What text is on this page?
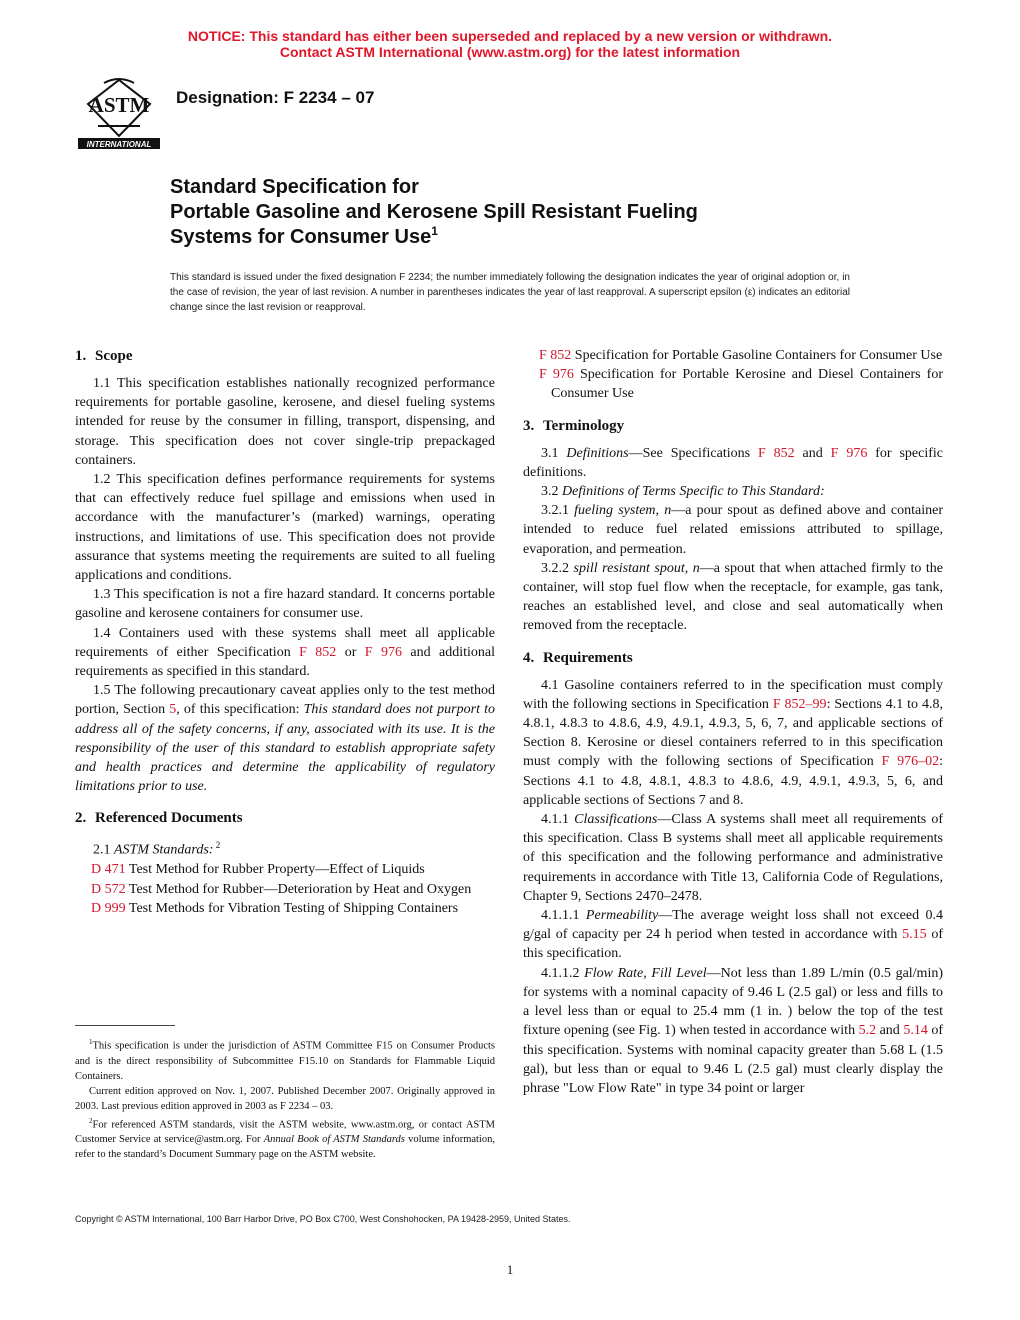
NOTICE: This standard has either been superseded and replaced by a new version or withdrawn.
Contact ASTM International (www.astm.org) for the latest information
ASTM
INTERNATIONAL
Designation: F 2234 – 07
Standard Specification for
Portable Gasoline and Kerosene Spill Resistant Fueling
Systems for Consumer Use$^1$
This standard is issued under the fixed designation F 2234; the number immediately following the designation indicates the year of original adoption or, in the case of revision, the year of last revision. A number in parentheses indicates the year of last reapproval. A superscript epsilon (ε) indicates an editorial change since the last revision or reapproval.
1. Scope

1.1 This specification establishes nationally recognized performance requirements for portable gasoline, kerosene, and diesel fueling systems intended for reuse by the consumer in filling, transport, dispensing, and storage. This specification does not cover single-trip prepackaged containers.

1.2 This specification defines performance requirements for systems that can effectively reduce fuel spillage and emissions when used in accordance with the manufacturer’s (marked) warnings, operating instructions, and limitations of use. This specification does not provide assurance that systems meeting the requirements are suited to all fueling applications and conditions.

1.3 This specification is not a fire hazard standard. It concerns portable gasoline and kerosene containers for consumer use.

1.4 Containers used with these systems shall meet all applicable requirements of either Specification F 852 or F 976 and additional requirements as specified in this standard.

1.5 The following precautionary caveat applies only to the test method portion, Section 5, of this specification: This standard does not purport to address all of the safety concerns, if any, associated with its use. It is the responsibility of the user of this standard to establish appropriate safety and health practices and determine the applicability of regulatory limitations prior to use.

2. Referenced Documents

2.1 ASTM Standards: $^2$

D 471 Test Method for Rubber Property—Effect of Liquids

D 572 Test Method for Rubber—Deterioration by Heat and Oxygen

D 999 Test Methods for Vibration Testing of Shipping Containers

$^1$This specification is under the jurisdiction of ASTM Committee F15 on Consumer Products and is the direct responsibility of Subcommittee F15.10 on Standards for Flammable Liquid Containers.

Current edition approved on Nov. 1, 2007. Published December 2007. Originally approved in 2003. Last previous edition approved in 2003 as F 2234 – 03.

$^2$For referenced ASTM standards, visit the ASTM website, www.astm.org, or contact ASTM Customer Service at service@astm.org. For Annual Book of ASTM Standards volume information, refer to the standard’s Document Summary page on the ASTM website.

F 852 Specification for Portable Gasoline Containers for Consumer Use

F 976 Specification for Portable Kerosine and Diesel Containers for Consumer Use

3. Terminology

3.1 Definitions—See Specifications F 852 and F 976 for specific definitions.

3.2 Definitions of Terms Specific to This Standard:

3.2.1 fueling system, n—a pour spout as defined above and container intended to reduce fuel related emissions attributed to spillage, evaporation, and permeation.

3.2.2 spill resistant spout, n—a spout that when attached firmly to the container, will stop fuel flow when the receptacle, for example, gas tank, reaches an established level, and close and seal automatically when removed from the receptacle.

4. Requirements

4.1 Gasoline containers referred to in the specification must comply with the following sections in Specification F 852–99: Sections 4.1 to 4.8, 4.8.1, 4.8.3 to 4.8.6, 4.9, 4.9.1, 4.9.3, 5, 6, 7, and applicable sections of Section 8. Kerosine or diesel containers referred to in this specification must comply with the following sections of Specification F 976–02: Sections 4.1 to 4.8, 4.8.1, 4.8.3 to 4.8.6, 4.9, 4.9.1, 4.9.3, 5, 6, and applicable sections of Sections 7 and 8.

4.1.1 Classifications—Class A systems shall meet all requirements of this specification. Class B systems shall meet all applicable requirements of this specification and the following performance and administrative requirements in accordance with Title 13, California Code of Regulations, Chapter 9, Sections 2470–2478.

4.1.1.1 Permeability—The average weight loss shall not exceed 0.4 g/gal of capacity per 24 h period when tested in accordance with 5.15 of this specification.

4.1.1.2 Flow Rate, Fill Level—Not less than 1.89 L/min (0.5 gal/min) for systems with a nominal capacity of 9.46 L (2.5 gal) or less and fills to a level less than or equal to 25.4 mm (1 in. ) below the top of the test fixture opening (see Fig. 1) when tested in accordance with 5.2 and 5.14 of this specification. Systems with nominal capacity greater than 5.68 L (1.5 gal), but less than or equal to 9.46 L (2.5 gal) must clearly display the phrase "Low Flow Rate" in type 34 point or larger

Copyright © ASTM International, 100 Barr Harbor Drive, PO Box C700, West Conshohocken, PA 19428-2959, United States.
1
